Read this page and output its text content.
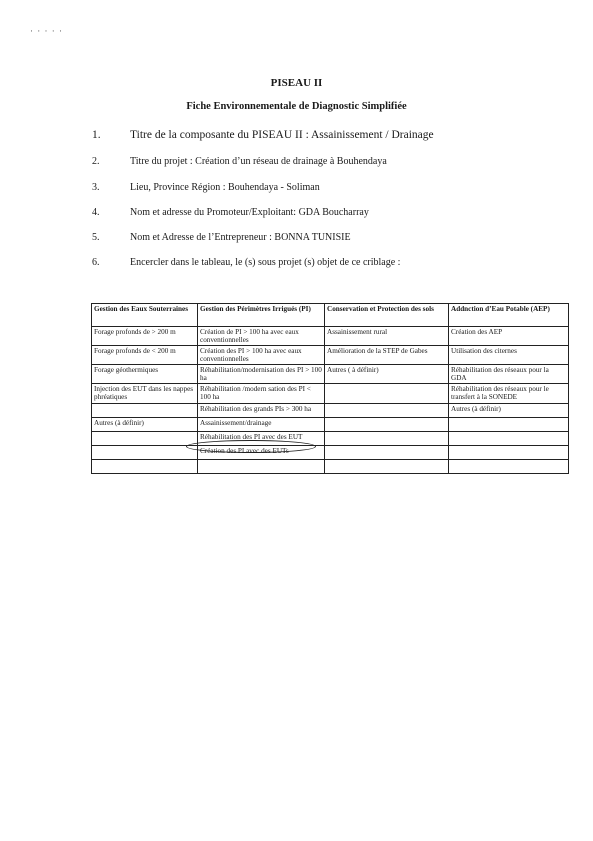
· · · · ·
PISEAU II
Fiche Environnementale de Diagnostic Simplifiée
1.	Titre de la composante du PISEAU II : Assainissement / Drainage
2.	Titre du projet : Création d’un réseau de drainage à Bouhendaya
3.	Lieu, Province Région : Bouhendaya - Soliman
4.	Nom et adresse du Promoteur/Exploitant: GDA Boucharray
5.	Nom et Adresse de l’Entrepreneur : BONNA TUNISIE
6.	Encercler dans le tableau, le (s) sous projet (s) objet de ce criblage :
Gestion des Eaux Souterraines	Gestion des Périmètres Irrigués (PI)	Conservation et Protection des sols	Addnction d’Eau Potable (AEP)
Forage profonds de > 200 m	Création de PI > 100 ha avec eaux conventionnelles	Assainissement rural	Création des AEP
Forage profonds de < 200 m	Création des PI > 100 ha avec eaux conventionnelles	Amélioration de la STEP de Gabes	Utilisation des citernes
Forage géothermiques	Réhabilitation/modernisation des PI > 100 ha	Autres ( à définir)	Réhabilitation des réseaux pour la GDA
Injection des EUT dans les nappes phréatiques	Réhabilitation /modern sation des PI < 100 ha		Réhabilitation des réseaux pour le transfert à la SONEDE
	Réhabilitation des grands PIs > 300 ha		Autres (à définir)
Autres (à définir)	Assainissement/drainage		
	Réhabilitation des PI avec des EUT		
	Création des PI avec des EUTs		
